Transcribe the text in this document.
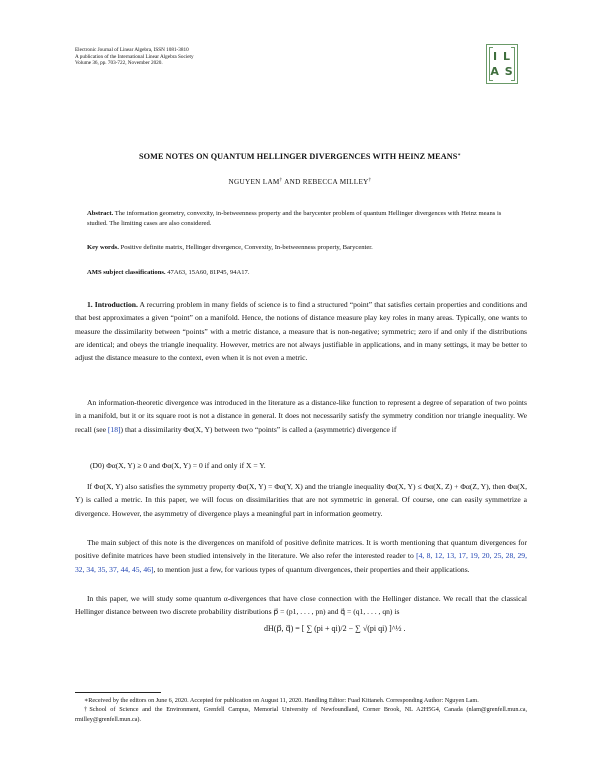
Electronic Journal of Linear Algebra, ISSN 1081-3810
A publication of the International Linear Algebra Society
Volume 36, pp. 703-722, November 2020.
I L
A S
SOME NOTES ON QUANTUM HELLINGER DIVERGENCES WITH HEINZ MEANS∗
NGUYEN LAM† AND REBECCA MILLEY†
Abstract. The information geometry, convexity, in-betweenness property and the barycenter problem of quantum Hellinger divergences with Heinz means is studied. The limiting cases are also considered.
Key words. Positive definite matrix, Hellinger divergence, Convexity, In-betweenness property, Barycenter.
AMS subject classifications. 47A63, 15A60, 81P45, 94A17.

1. Introduction. A recurring problem in many fields of science is to find a structured “point” that satisfies certain properties and conditions and that best approximates a given “point” on a manifold. Hence, the notions of distance measure play key roles in many areas. Typically, one wants to measure the dissimilarity between “points” with a metric distance, a measure that is non-negative; symmetric; zero if and only if the distributions are identical; and obeys the triangle inequality. However, metrics are not always justifiable in applications, and in many settings, it may be better to adjust the distance measure to the context, even when it is not even a metric.

An information-theoretic divergence was introduced in the literature as a distance-like function to represent a degree of separation of two points in a manifold, but it or its square root is not a distance in general. It does not necessarily satisfy the symmetry condition nor triangle inequality. We recall (see [18]) that a dissimilarity Φα(X, Y) between two “points” is called a (asymmetric) divergence if

(D0) Φα(X, Y) ≥ 0 and Φα(X, Y) = 0 if and only if X = Y.

If Φα(X, Y) also satisfies the symmetry property Φα(X, Y) = Φα(Y, X) and the triangle inequality Φα(X, Y) ≤ Φα(X, Z) + Φα(Z, Y), then Φα(X, Y) is called a metric. In this paper, we will focus on dissimilarities that are not symmetric in general. Of course, one can easily symmetrize a divergence. However, the asymmetry of divergence plays a meaningful part in information geometry.

The main subject of this note is the divergences on manifold of positive definite matrices. It is worth mentioning that quantum divergences for positive definite matrices have been studied intensively in the literature. We also refer the interested reader to [4, 8, 12, 13, 17, 19, 20, 25, 28, 29, 32, 34, 35, 37, 44, 45, 46], to mention just a few, for various types of quantum divergences, their properties and their applications.

In this paper, we will study some quantum α-divergences that have close connection with the Hellinger distance. We recall that the classical Hellinger distance between two discrete probability distributions p⃗ = (p1, . . . , pn) and q⃗ = (q1, . . . , qn) is

dH(p⃗, q⃗) = [ ∑ (pi + qi)/2 − ∑ √(pi qi) ]^½ .

∗Received by the editors on June 6, 2020. Accepted for publication on August 11, 2020. Handling Editor: Fuad Kittaneh. Corresponding Author: Nguyen Lam.

†School of Science and the Environment, Grenfell Campus, Memorial University of Newfoundland, Corner Brook, NL A2H5G4, Canada (nlam@grenfell.mun.ca, rmilley@grenfell.mun.ca).
